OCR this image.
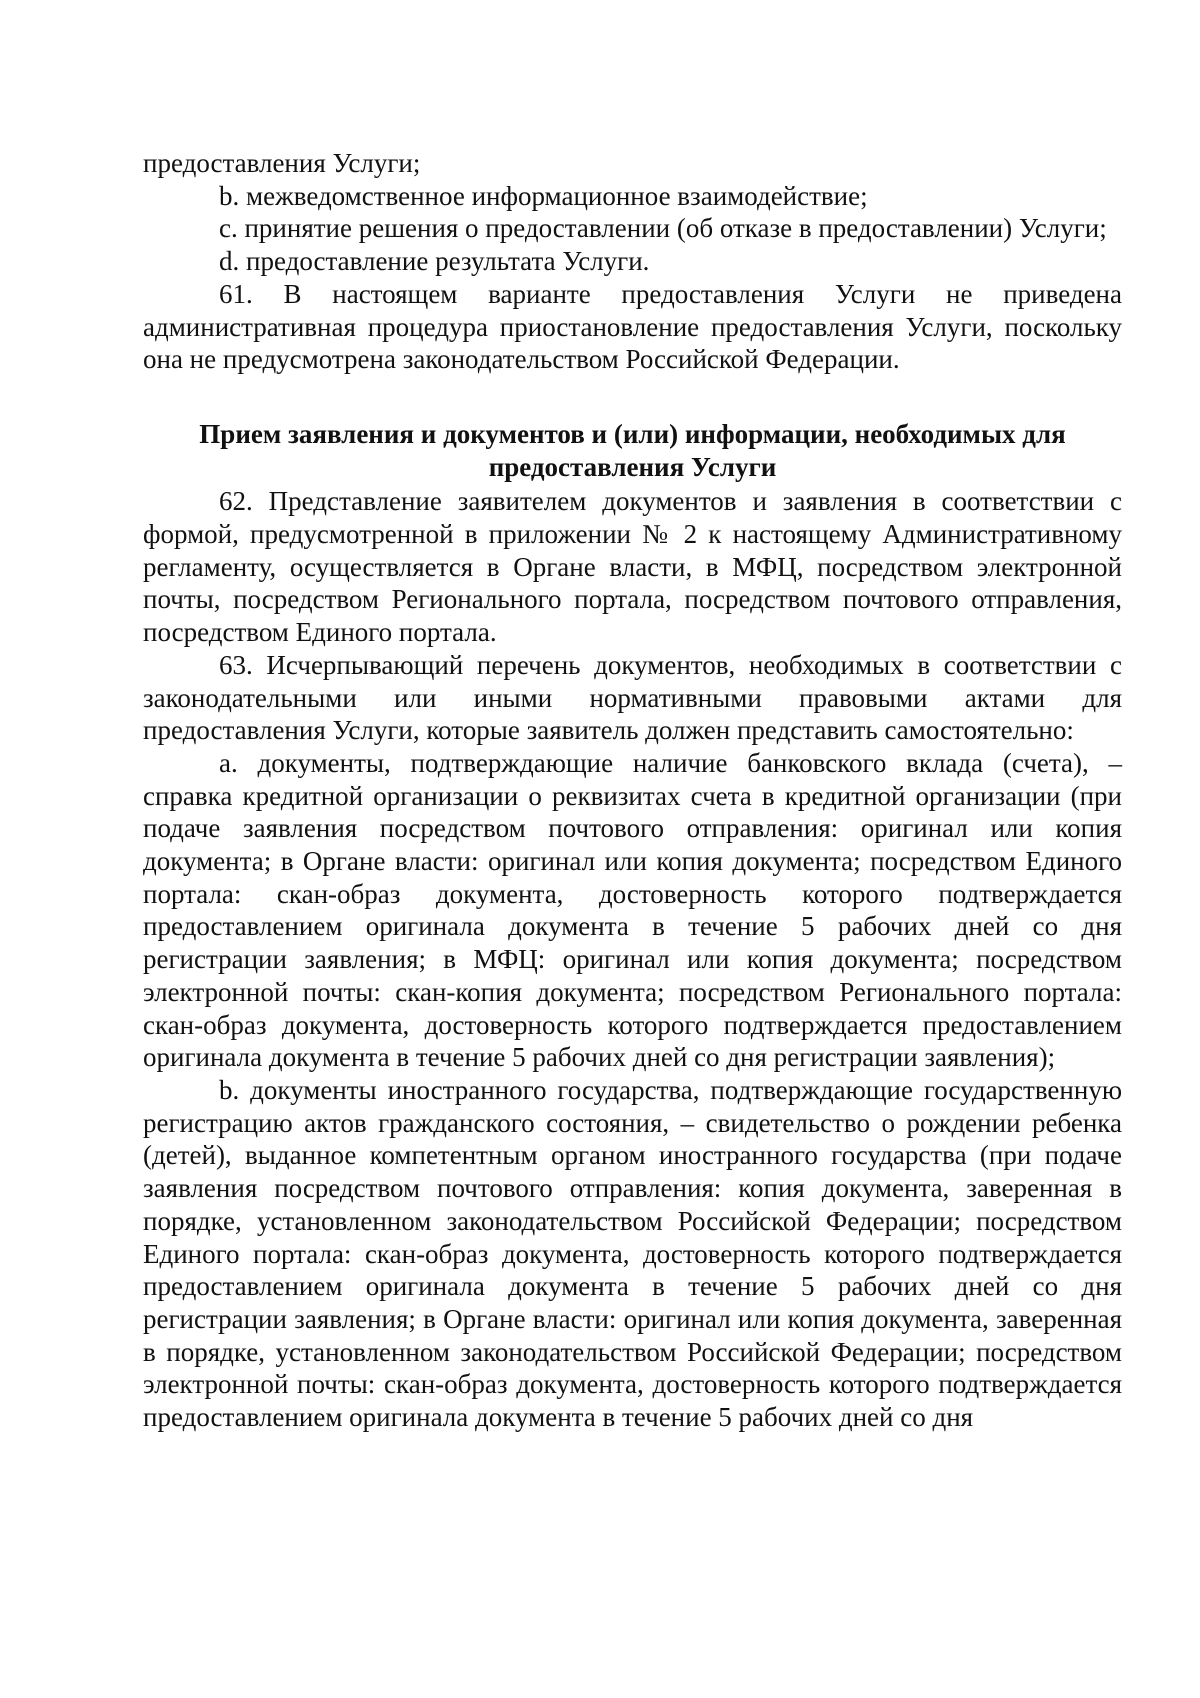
предоставления Услуги;

b. межведомственное информационное взаимодействие;

c. принятие решения о предоставлении (об отказе в предоставлении) Услуги;

d. предоставление результата Услуги.

61. В настоящем варианте предоставления Услуги не приведена административная процедура приостановление предоставления Услуги, поскольку она не предусмотрена законодательством Российской Федерации.

Прием заявления и документов и (или) информации, необходимых для
предоставления Услуги

62. Представление заявителем документов и заявления в соответствии с формой, предусмотренной в приложении № 2 к настоящему Административному регламенту, осуществляется в Органе власти, в МФЦ, посредством электронной почты, посредством Регионального портала, посредством почтового отправления, посредством Единого портала.

63. Исчерпывающий перечень документов, необходимых в соответствии с законодательными или иными нормативными правовыми актами для предоставления Услуги, которые заявитель должен представить самостоятельно:

a. документы, подтверждающие наличие банковского вклада (счета), – справка кредитной организации о реквизитах счета в кредитной организации (при подаче заявления посредством почтового отправления: оригинал или копия документа; в Органе власти: оригинал или копия документа; посредством Единого портала: скан-образ документа, достоверность которого подтверждается предоставлением оригинала документа в течение 5 рабочих дней со дня регистрации заявления; в МФЦ: оригинал или копия документа; посредством электронной почты: скан-копия документа; посредством Регионального портала: скан-образ документа, достоверность которого подтверждается предоставлением оригинала документа в течение 5 рабочих дней со дня регистрации заявления);

b. документы иностранного государства, подтверждающие государственную регистрацию актов гражданского состояния, – свидетельство о рождении ребенка (детей), выданное компетентным органом иностранного государства (при подаче заявления посредством почтового отправления: копия документа, заверенная в порядке, установленном законодательством Российской Федерации; посредством Единого портала: скан-образ документа, достоверность которого подтверждается предоставлением оригинала документа в течение 5 рабочих дней со дня регистрации заявления; в Органе власти: оригинал или копия документа, заверенная в порядке, установленном законодательством Российской Федерации; посредством электронной почты: скан-образ документа, достоверность которого подтверждается предоставлением оригинала документа в течение 5 рабочих дней со дня
